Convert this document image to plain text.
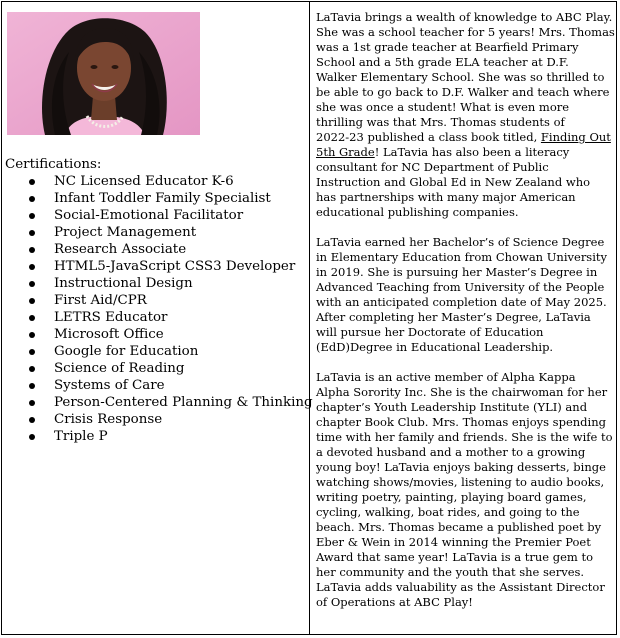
Certifications:
NC Licensed Educator K-6
Infant Toddler Family Specialist
Social-Emotional Facilitator
Project Management
Research Associate
HTML5-JavaScript CSS3 Developer
Instructional Design
First Aid/CPR
LETRS Educator
Microsoft Office
Google for Education
Science of Reading
Systems of Care
Person-Centered Planning & Thinking
Crisis Response
Triple P
LaTavia brings a wealth of knowledge to ABC Play.
She was a school teacher for 5 years! Mrs. Thomas
was a 1st grade teacher at Bearfield Primary
School and a 5th grade ELA teacher at D.F.
Walker Elementary School. She was so thrilled to
be able to go back to D.F. Walker and teach where
she was once a student! What is even more
thrilling was that Mrs. Thomas students of
2022-23 published a class book titled, Finding Out
5th Grade! LaTavia has also been a literacy
consultant for NC Department of Public
Instruction and Global Ed in New Zealand who
has partnerships with many major American
educational publishing companies.
LaTavia earned her Bachelor’s of Science Degree
in Elementary Education from Chowan University
in 2019. She is pursuing her Master’s Degree in
Advanced Teaching from University of the People
with an anticipated completion date of May 2025.
After completing her Master’s Degree, LaTavia
will pursue her Doctorate of Education
(EdD)Degree in Educational Leadership.
LaTavia is an active member of Alpha Kappa
Alpha Sorority Inc. She is the chairwoman for her
chapter’s Youth Leadership Institute (YLI) and
chapter Book Club. Mrs. Thomas enjoys spending
time with her family and friends. She is the wife to
a devoted husband and a mother to a growing
young boy! LaTavia enjoys baking desserts, binge
watching shows/movies, listening to audio books,
writing poetry, painting, playing board games,
cycling, walking, boat rides, and going to the
beach. Mrs. Thomas became a published poet by
Eber & Wein in 2014 winning the Premier Poet
Award that same year! LaTavia is a true gem to
her community and the youth that she serves.
LaTavia adds valuability as the Assistant Director
of Operations at ABC Play!
